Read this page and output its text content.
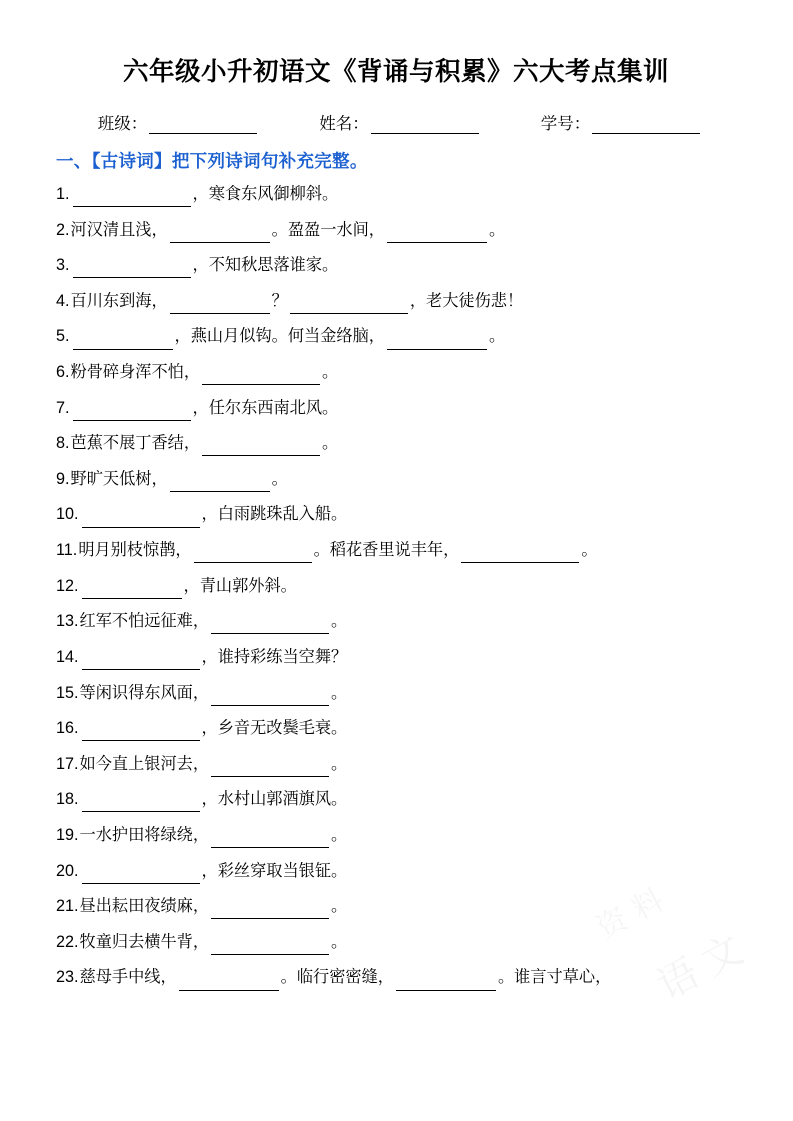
六年级小升初语文《背诵与积累》六大考点集训
班级：	姓名：	学号：
一、【古诗词】把下列诗词句补充完整。
1.	，寒食东风御柳斜。
2. 河汉清且浅，	。盈盈一水间，	。
3.	，不知秋思落谁家。
4. 百川东到海，	？	，老大徒伤悲！
5.	，燕山月似钩。何当金络脑，	。
6. 粉骨碎身浑不怕，	。
7.	，任尔东西南北风。
8. 芭蕉不展丁香结，	。
9. 野旷天低树，	。
10.	，白雨跳珠乱入船。
11. 明月别枝惊鹊，	。稻花香里说丰年，	。
12.	，青山郭外斜。
13. 红军不怕远征难，	。
14.	，谁持彩练当空舞？
15. 等闲识得东风面，	。
16.	，乡音无改鬓毛衰。
17. 如今直上银河去，	。
18.	，水村山郭酒旗风。
19. 一水护田将绿绕，	。
20.	，彩丝穿取当银钲。
21. 昼出耘田夜绩麻，	。
22. 牧童归去横牛背，	。
23. 慈母手中线，	。临行密密缝，	。谁言寸草心，
